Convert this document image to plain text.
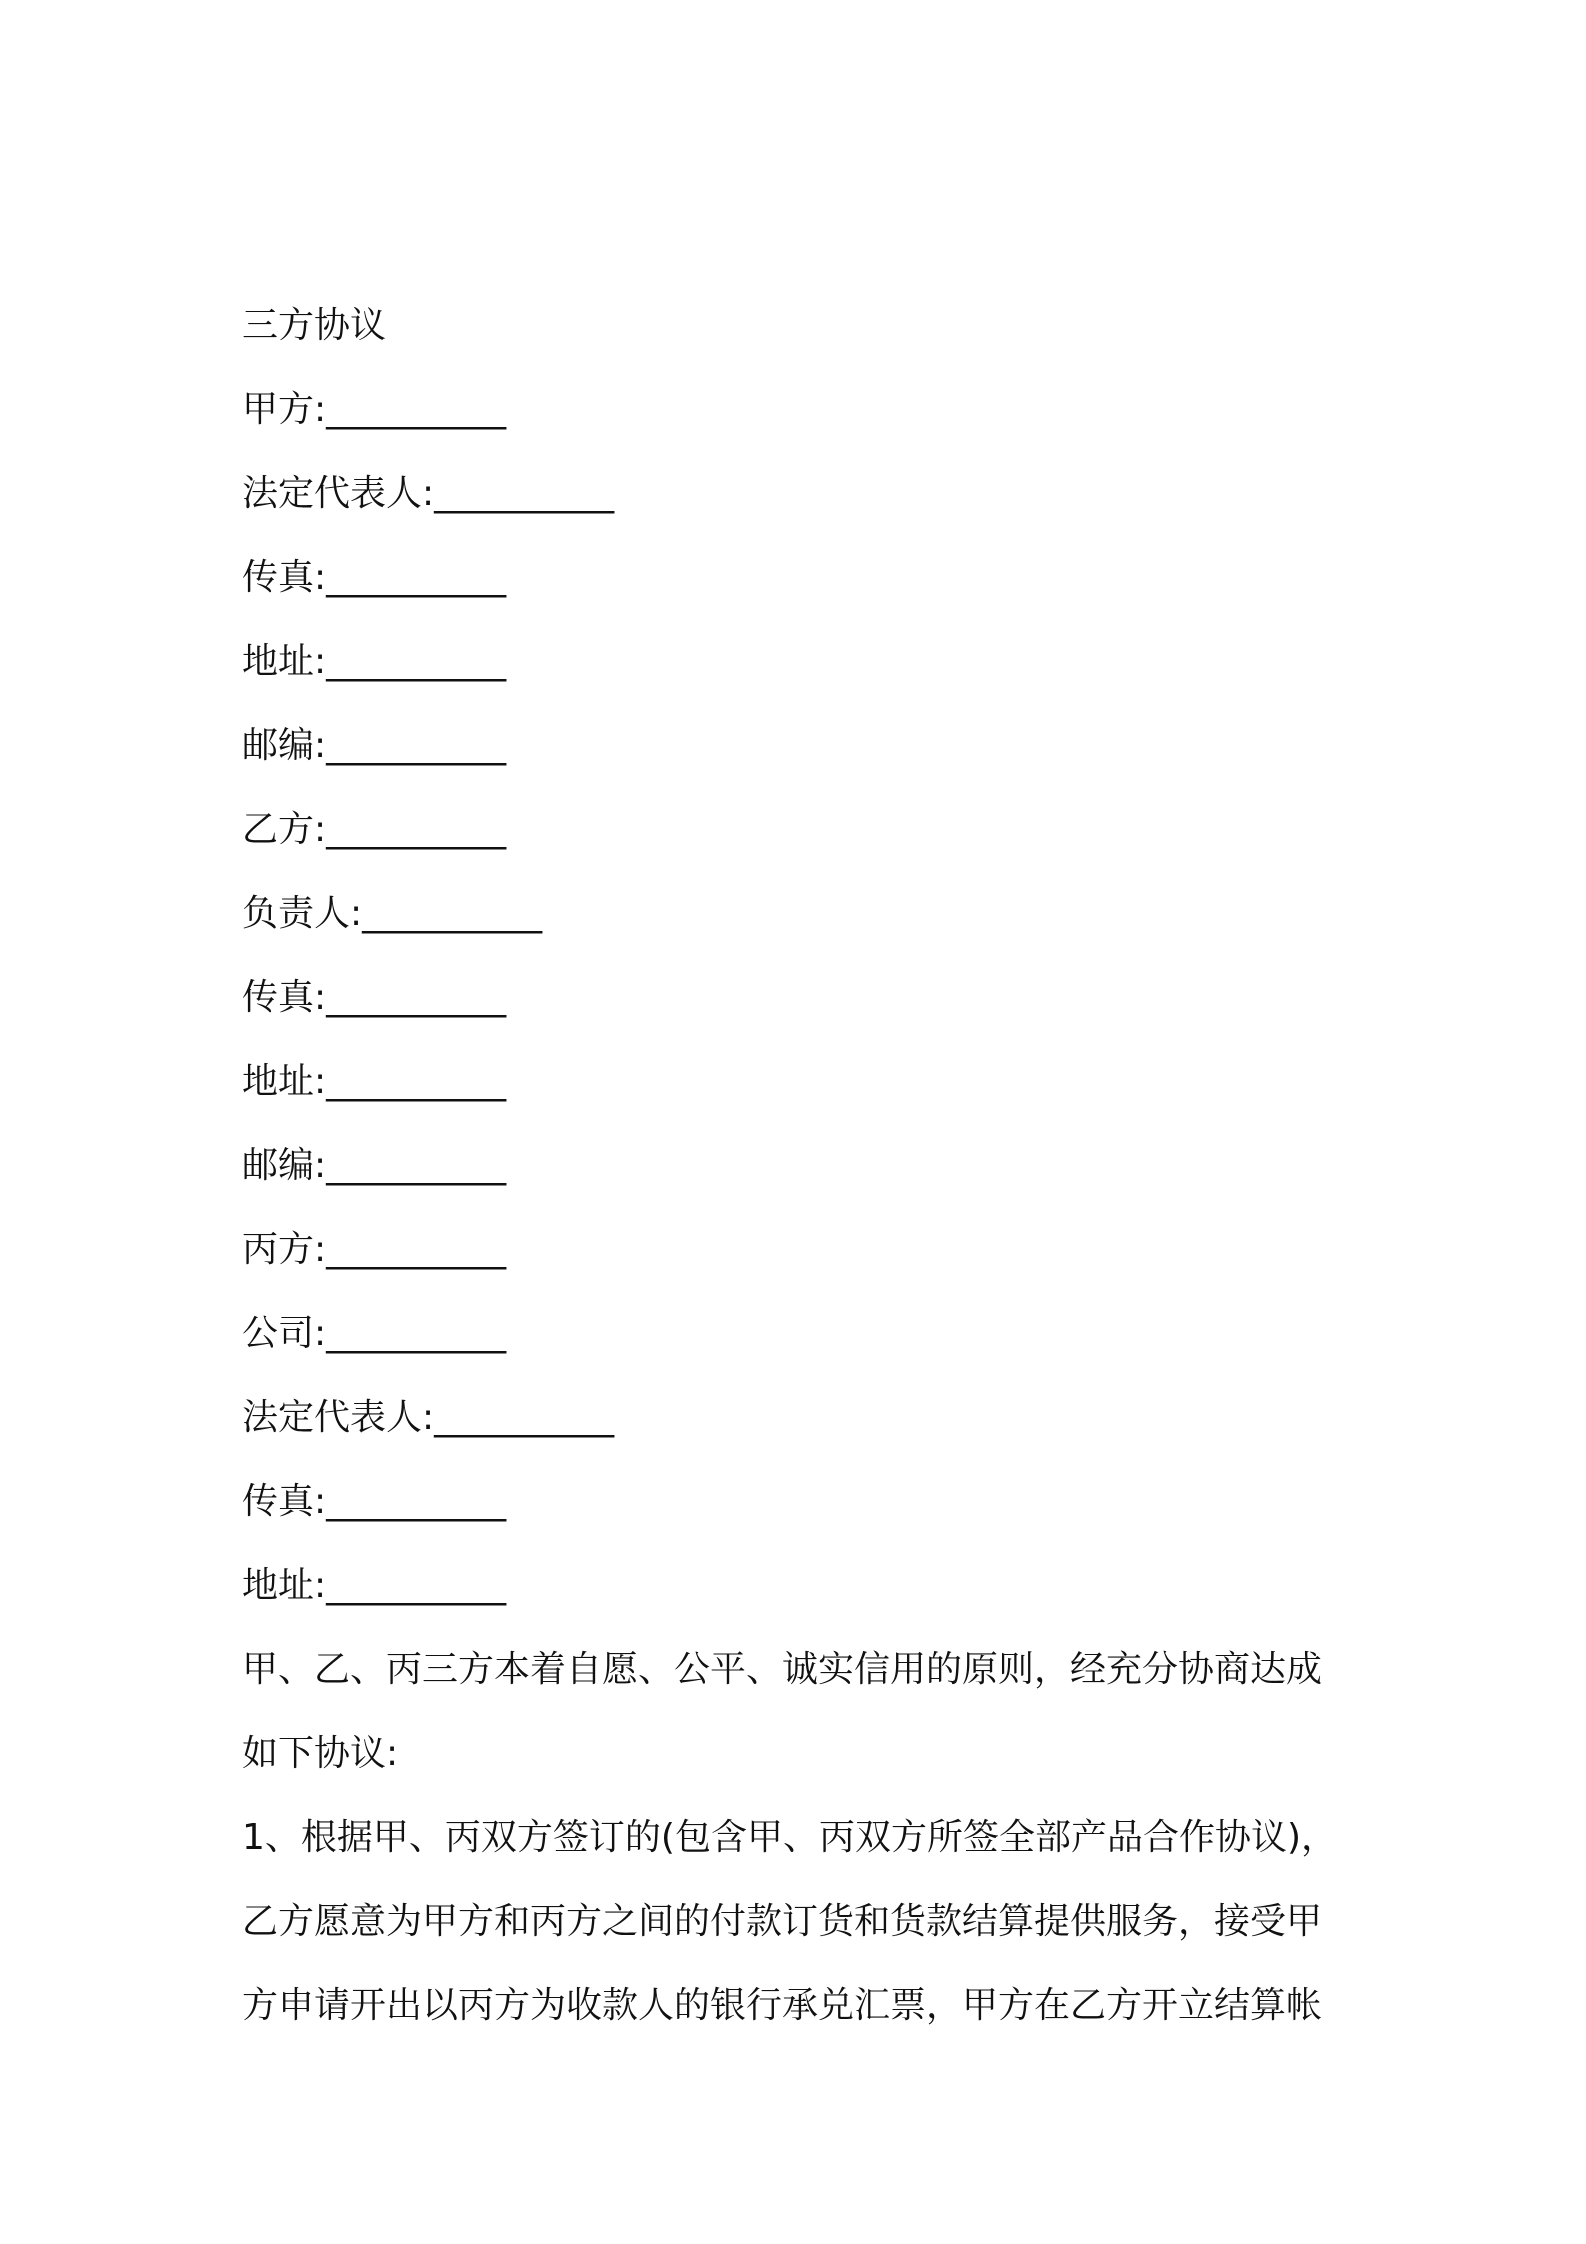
三方协议
甲方:__________
法定代表人:__________
传真:__________
地址:__________
邮编:__________
乙方:__________
负责人:__________
传真:__________
地址:__________
邮编:__________
丙方:__________
公司:__________
法定代表人:__________
传真:__________
地址:__________
甲、乙、丙三方本着自愿、公平、诚实信用的原则，经充分协商达成
如下协议:
1、根据甲、丙双方签订的(包含甲、丙双方所签全部产品合作协议)，
乙方愿意为甲方和丙方之间的付款订货和货款结算提供服务，接受甲
方申请开出以丙方为收款人的银行承兑汇票，甲方在乙方开立结算帐
